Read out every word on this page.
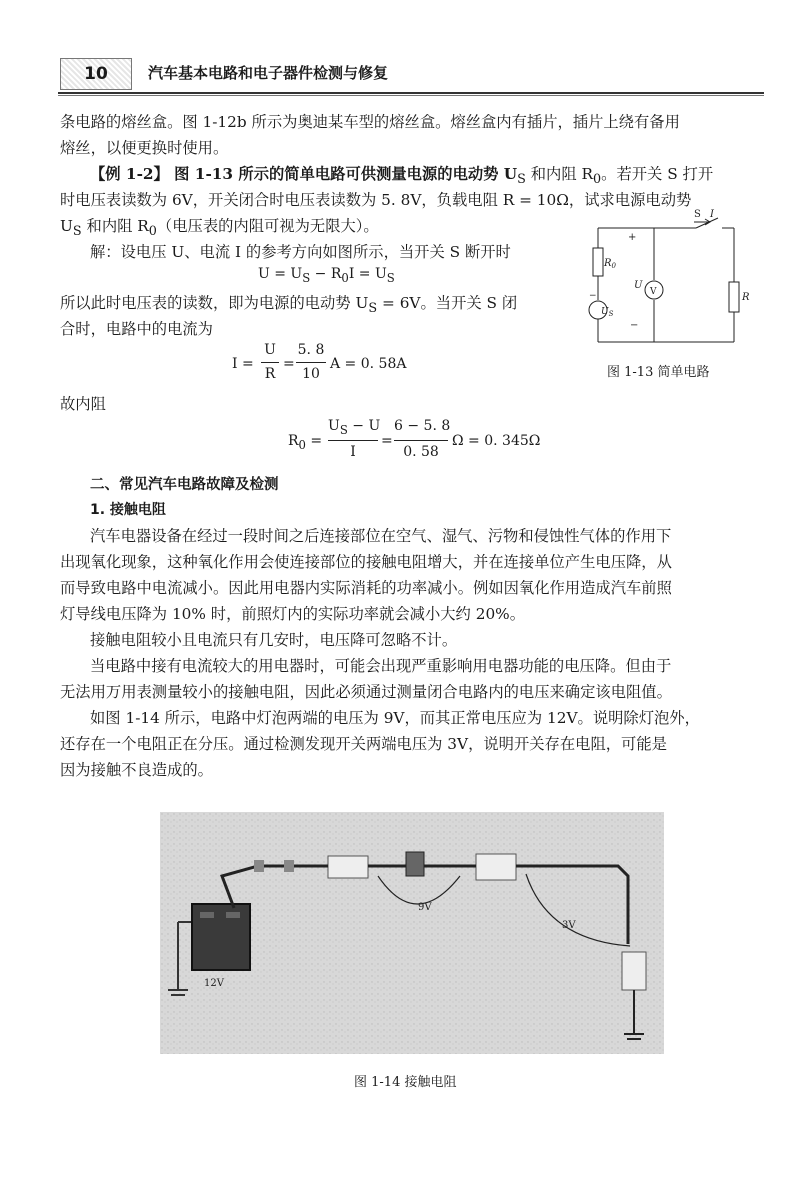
10	汽车基本电路和电子器件检测与修复
条电路的熔丝盒。图 1-12b 所示为奥迪某车型的熔丝盒。熔丝盒内有插片，插片上绕有备用
熔丝，以便更换时使用。
【例 1-2】 图 1-13 所示的简单电路可供测量电源的电动势 $U_S$ 和内阻 $R_0$。若开关 S 打开
时电压表读数为 6V，开关闭合时电压表读数为 5. 8V，负载电阻 R = 10Ω，试求电源电动势
$U_S$ 和内阻 $R_0$（电压表的内阻可视为无限大）。
解：设电压 U、电流 I 的参考方向如图所示，当开关 S 断开时
$U = U_S - R_0I = U_S$
所以此时电压表的读数，即为电源的电动势 $U_S = 6V$。当开关 S 闭
合时，电路中的电流为
I =
U
R
=
5. 8
10
A = 0. 58A
图 1-13 简单电路
故内阻
$R_0$ =
$U_S - U$
I
=
6 − 5. 8
0. 58
Ω = 0. 345Ω
二、常见汽车电路故障及检测
1. 接触电阻
汽车电器设备在经过一段时间之后连接部位在空气、湿气、污物和侵蚀性气体的作用下
出现氧化现象，这种氧化作用会使连接部位的接触电阻增大，并在连接单位产生电压降，从
而导致电路中电流减小。因此用电器内实际消耗的功率减小。例如因氧化作用造成汽车前照
灯导线电压降为 10% 时，前照灯内的实际功率就会减小大约 20%。
接触电阻较小且电流只有几安时，电压降可忽略不计。
当电路中接有电流较大的用电器时，可能会出现严重影响用电器功能的电压降。但由于
无法用万用表测量较小的接触电阻，因此必须通过测量闭合电路内的电压来确定该电阻值。
如图 1-14 所示，电路中灯泡两端的电压为 9V，而其正常电压应为 12V。说明除灯泡外，
还存在一个电阻正在分压。通过检测发现开关两端电压为 3V，说明开关存在电阻，可能是
因为接触不良造成的。
S I
+
−
$R_0$
U
V	R
$U_S$
−
12V
9V
3V
图 1-14 接触电阻
